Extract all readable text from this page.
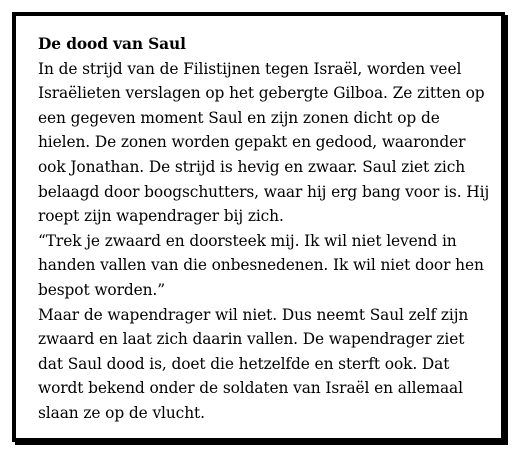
De dood van Saul

In de strijd van de Filistijnen tegen Israël, worden veel Israëlieten verslagen op het gebergte Gilboa. Ze zitten op een gegeven moment Saul en zijn zonen dicht op de hielen. De zonen worden gepakt en gedood, waaronder ook Jonathan. De strijd is hevig en zwaar. Saul ziet zich belaagd door boogschutters, waar hij erg bang voor is. Hij roept zijn wapendrager bij zich.

“Trek je zwaard en doorsteek mij. Ik wil niet levend in handen vallen van die onbesnedenen. Ik wil niet door hen bespot worden.”

Maar de wapendrager wil niet. Dus neemt Saul zelf zijn zwaard en laat zich daarin vallen. De wapendrager ziet dat Saul dood is, doet die hetzelfde en sterft ook. Dat wordt bekend onder de soldaten van Israël en allemaal slaan ze op de vlucht.
